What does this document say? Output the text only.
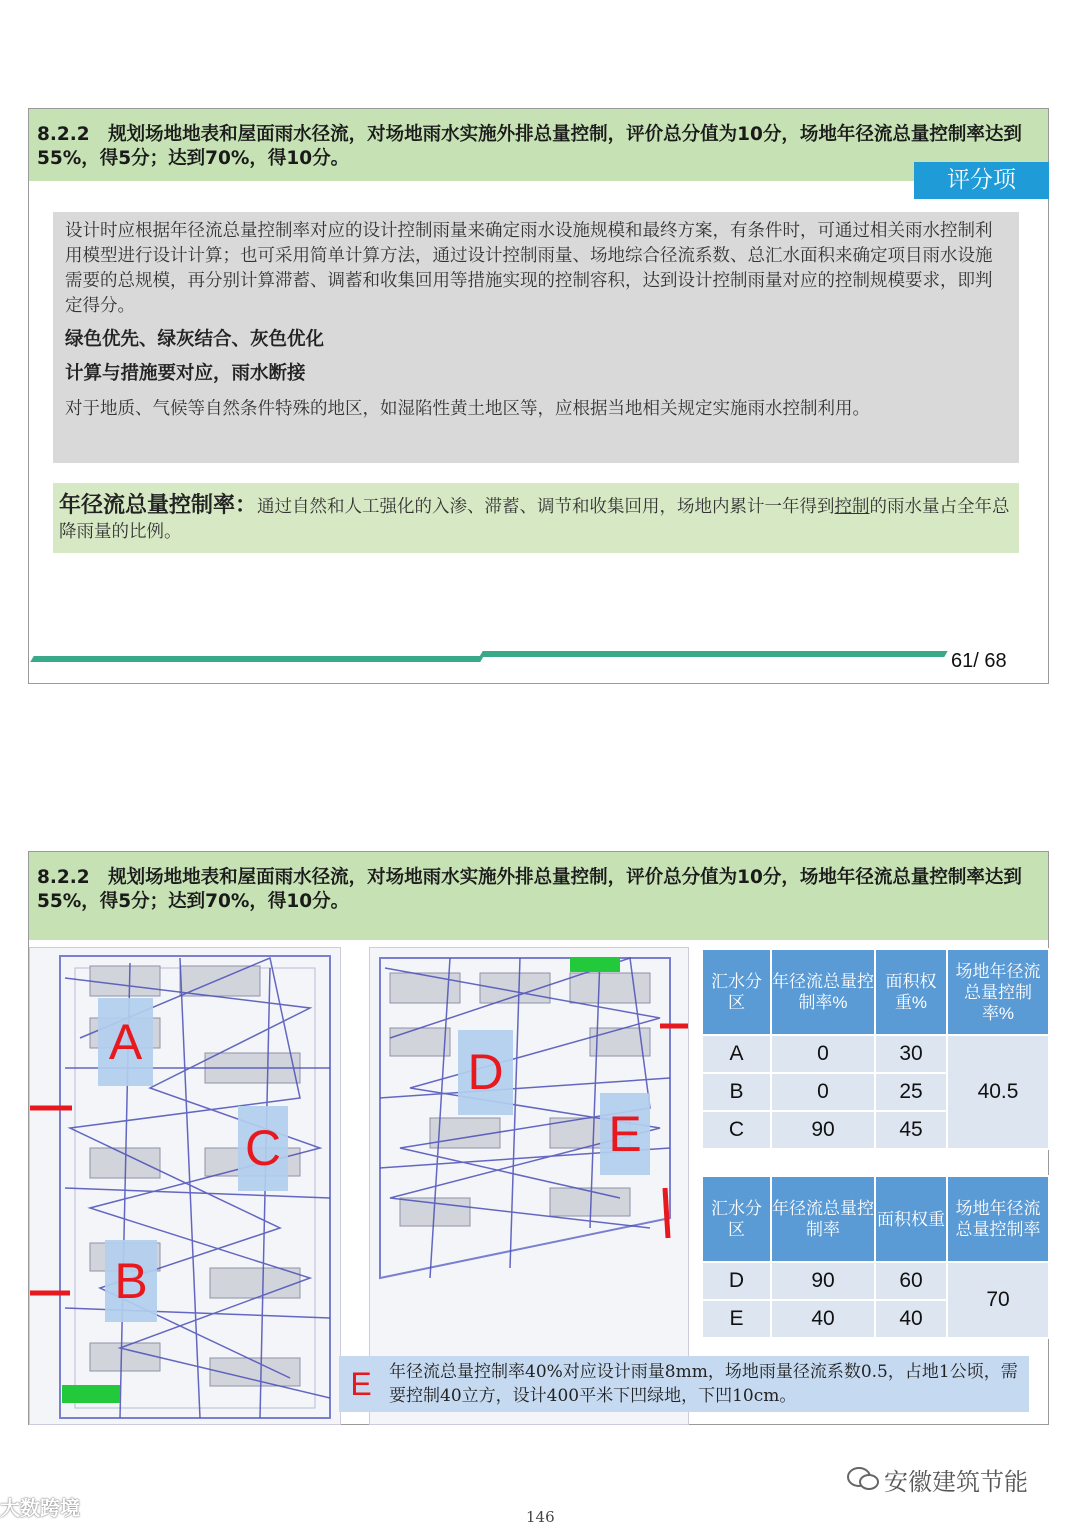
8.2.2　规划场地地表和屋面雨水径流，对场地雨水实施外排总量控制，评价总分值为10分，场地年径流总量控制率达到55%，得5分；达到70%，得10分。
评分项
设计时应根据年径流总量控制率对应的设计控制雨量来确定雨水设施规模和最终方案，有条件时，可通过相关雨水控制利用模型进行设计计算；也可采用简单计算方法，通过设计控制雨量、场地综合径流系数、总汇水面积来确定项目雨水设施需要的总规模，再分别计算滞蓄、调蓄和收集回用等措施实现的控制容积，达到设计控制雨量对应的控制规模要求，即判定得分。
绿色优先、绿灰结合、灰色优化
计算与措施要对应，雨水断接
对于地质、气候等自然条件特殊的地区，如湿陷性黄土地区等，应根据当地相关规定实施雨水控制利用。
年径流总量控制率：通过自然和人工强化的入渗、滞蓄、调节和收集回用，场地内累计一年得到控制的雨水量占全年总降雨量的比例。
61/ 68
8.2.2　规划场地地表和屋面雨水径流，对场地雨水实施外排总量控制，评价总分值为10分，场地年径流总量控制率达到55%，得5分；达到70%，得10分。
A
C
B
D
E
汇水分区	年径流总量控制率%	面积权重%	场地年径流总量控制率%
A	0	30	40.5
B	0	25	
C	90	45	
汇水分区	年径流总量控制率	面积权重	场地年径流总量控制率
D	90	60	70
E	40	40	
E	年径流总量控制率40%对应设计雨量8mm，场地雨量径流系数0.5，占地1公顷，需要控制40立方，设计400平米下凹绿地，下凹10cm。
安徽建筑节能
大数跨境	146
